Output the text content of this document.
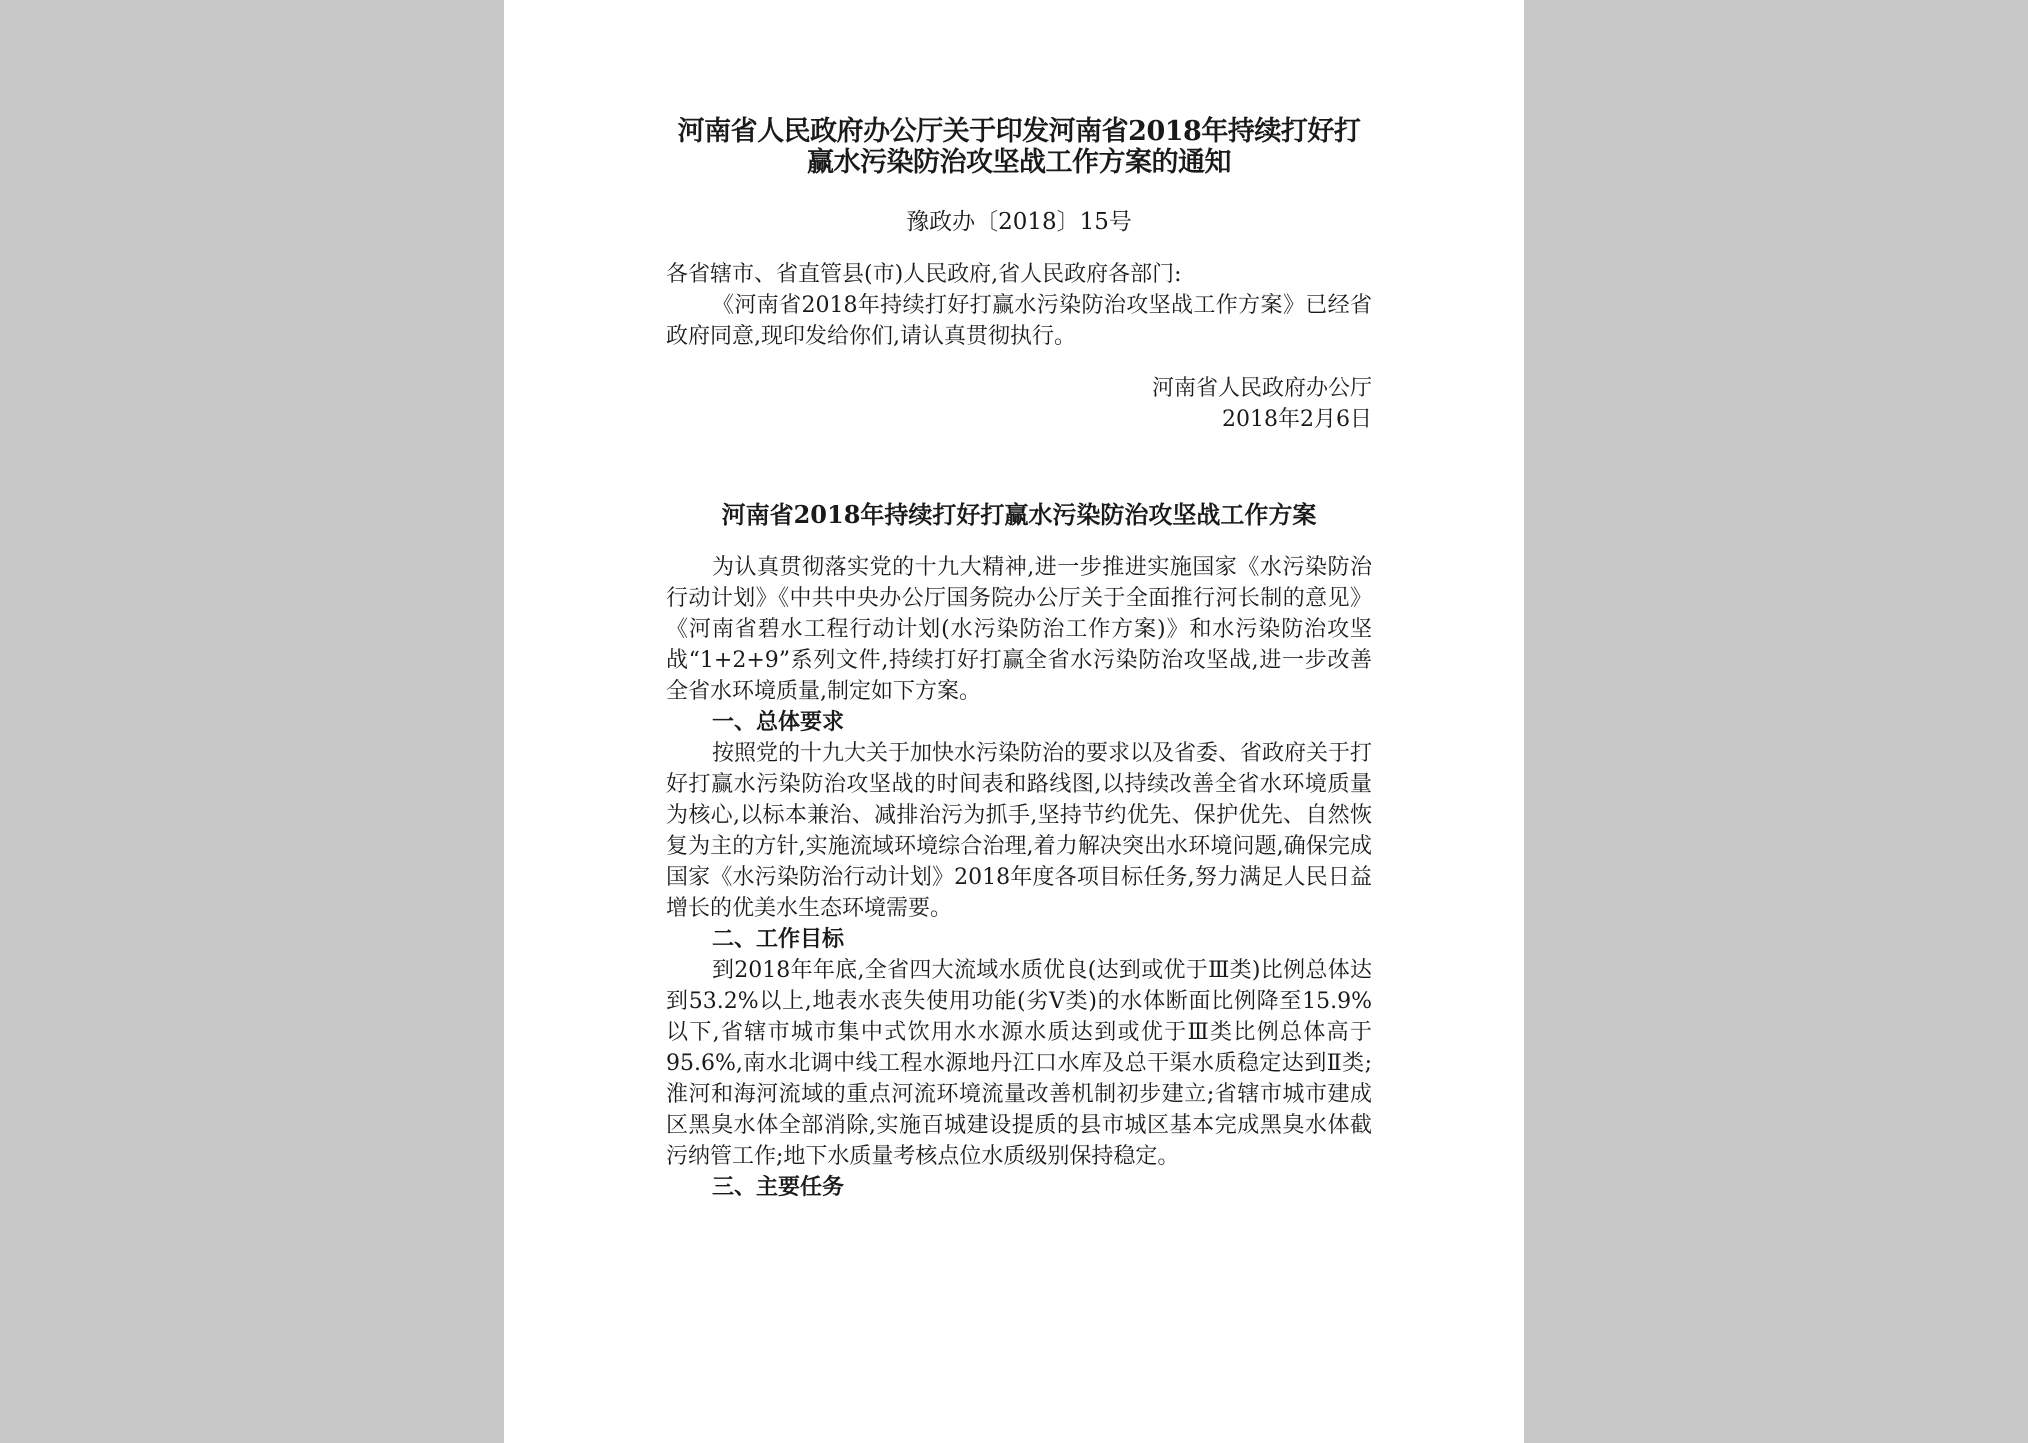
河南省人民政府办公厅关于印发河南省2018年持续打好打赢水污染防治攻坚战工作方案的通知

豫政办〔2018〕15号

各省辖市、省直管县(市)人民政府,省人民政府各部门:

《河南省2018年持续打好打赢水污染防治攻坚战工作方案》已经省政府同意,现印发给你们,请认真贯彻执行。

河南省人民政府办公厅

2018年2月6日

河南省2018年持续打好打赢水污染防治攻坚战工作方案

为认真贯彻落实党的十九大精神,进一步推进实施国家《水污染防治行动计划》《中共中央办公厅国务院办公厅关于全面推行河长制的意见》《河南省碧水工程行动计划(水污染防治工作方案)》和水污染防治攻坚战“1+2+9”系列文件,持续打好打赢全省水污染防治攻坚战,进一步改善全省水环境质量,制定如下方案。

一、总体要求

按照党的十九大关于加快水污染防治的要求以及省委、省政府关于打好打赢水污染防治攻坚战的时间表和路线图,以持续改善全省水环境质量为核心,以标本兼治、减排治污为抓手,坚持节约优先、保护优先、自然恢复为主的方针,实施流域环境综合治理,着力解决突出水环境问题,确保完成国家《水污染防治行动计划》2018年度各项目标任务,努力满足人民日益增长的优美水生态环境需要。

二、工作目标

到2018年年底,全省四大流域水质优良(达到或优于Ⅲ类)比例总体达到53.2%以上,地表水丧失使用功能(劣Ⅴ类)的水体断面比例降至15.9%以下,省辖市城市集中式饮用水水源水质达到或优于Ⅲ类比例总体高于95.6%,南水北调中线工程水源地丹江口水库及总干渠水质稳定达到Ⅱ类;淮河和海河流域的重点河流环境流量改善机制初步建立;省辖市城市建成区黑臭水体全部消除,实施百城建设提质的县市城区基本完成黑臭水体截污纳管工作;地下水质量考核点位水质级别保持稳定。

三、主要任务
